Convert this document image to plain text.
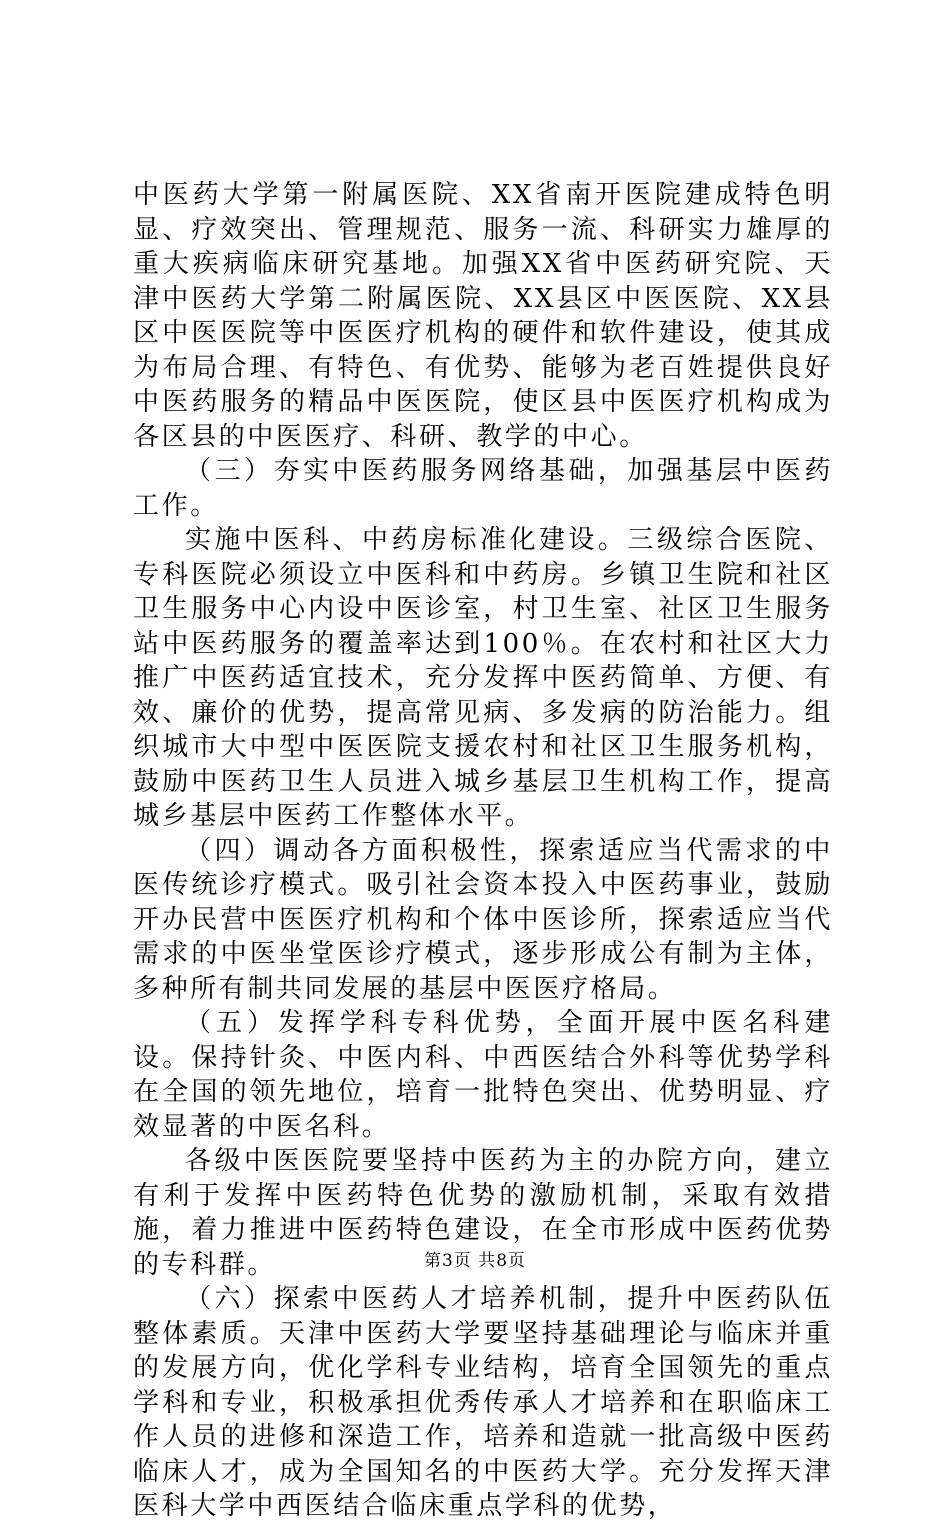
中医药大学第一附属医院、XX省南开医院建成特色明显、疗效突出、管理规范、服务一流、科研实力雄厚的重大疾病临床研究基地。加强XX省中医药研究院、天津中医药大学第二附属医院、XX县区中医医院、XX县区中医医院等中医医疗机构的硬件和软件建设，使其成为布局合理、有特色、有优势、能够为老百姓提供良好中医药服务的精品中医医院，使区县中医医疗机构成为各区县的中医医疗、科研、教学的中心。

（三）夯实中医药服务网络基础，加强基层中医药工作。

实施中医科、中药房标准化建设。三级综合医院、专科医院必须设立中医科和中药房。乡镇卫生院和社区卫生服务中心内设中医诊室，村卫生室、社区卫生服务站中医药服务的覆盖率达到100％。在农村和社区大力推广中医药适宜技术，充分发挥中医药简单、方便、有效、廉价的优势，提高常见病、多发病的防治能力。组织城市大中型中医医院支援农村和社区卫生服务机构，鼓励中医药卫生人员进入城乡基层卫生机构工作，提高城乡基层中医药工作整体水平。

（四）调动各方面积极性，探索适应当代需求的中医传统诊疗模式。吸引社会资本投入中医药事业，鼓励开办民营中医医疗机构和个体中医诊所，探索适应当代需求的中医坐堂医诊疗模式，逐步形成公有制为主体，多种所有制共同发展的基层中医医疗格局。

（五）发挥学科专科优势，全面开展中医名科建设。保持针灸、中医内科、中西医结合外科等优势学科在全国的领先地位，培育一批特色突出、优势明显、疗效显著的中医名科。

各级中医医院要坚持中医药为主的办院方向，建立有利于发挥中医药特色优势的激励机制，采取有效措施，着力推进中医药特色建设，在全市形成中医药优势的专科群。

（六）探索中医药人才培养机制，提升中医药队伍整体素质。天津中医药大学要坚持基础理论与临床并重的发展方向，优化学科专业结构，培育全国领先的重点学科和专业，积极承担优秀传承人才培养和在职临床工作人员的进修和深造工作，培养和造就一批高级中医药临床人才，成为全国知名的中医药大学。充分发挥天津医科大学中西医结合临床重点学科的优势，

第3页 共8页
